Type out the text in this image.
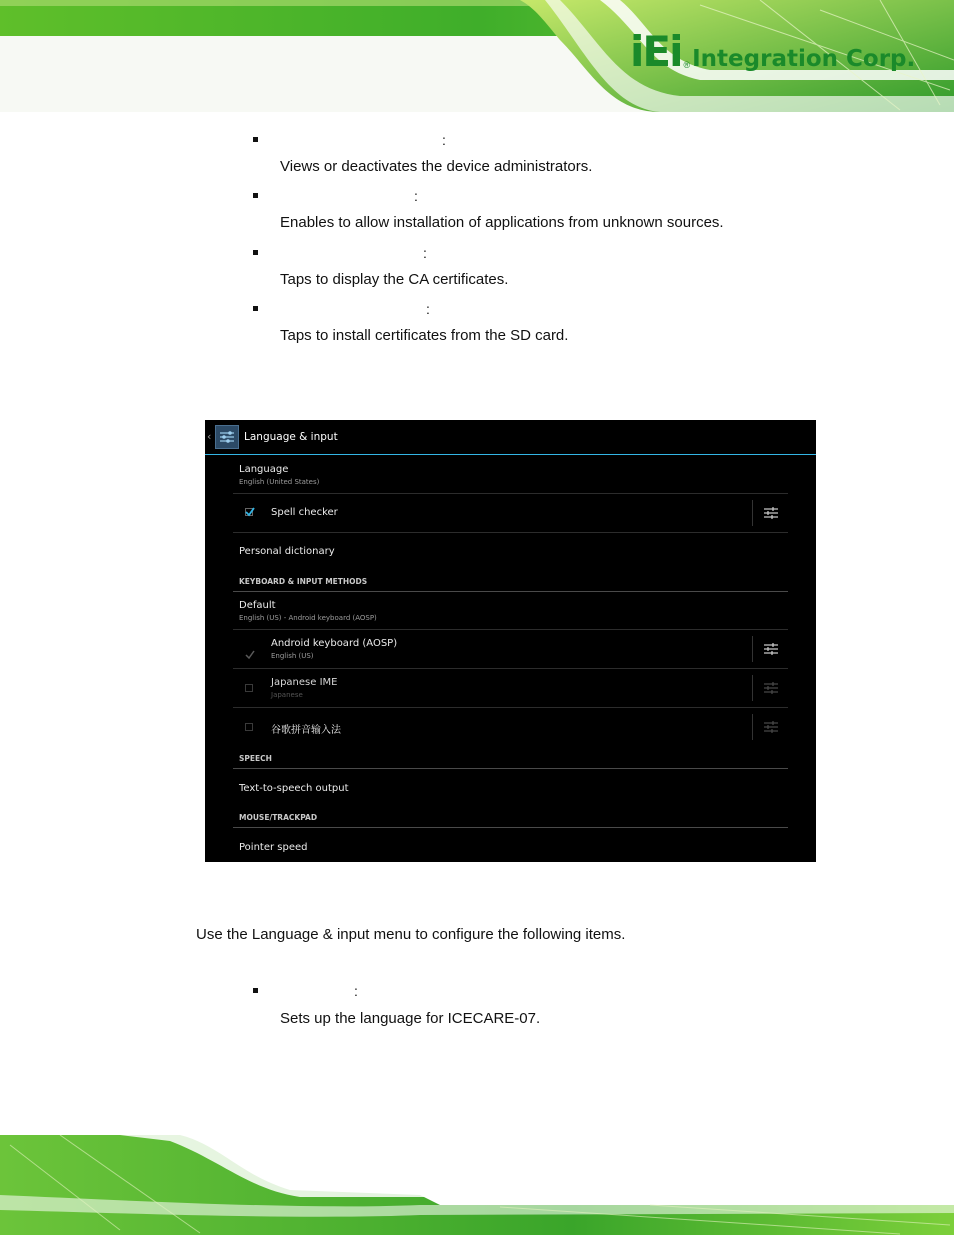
iEi ® Integration Corp.
:
Views or deactivates the device administrators.
:
Enables to allow installation of applications from unknown sources.
:
Taps to display the CA certificates.
:
Taps to install certificates from the SD card.
‹	Language & input
Language
English (United States)
Spell checker
Personal dictionary
KEYBOARD & INPUT METHODS
Default
English (US) - Android keyboard (AOSP)
Android keyboard (AOSP)
English (US)
Japanese IME
Japanese
谷歌拼音输入法
SPEECH
Text-to-speech output
MOUSE/TRACKPAD
Pointer speed
Use the Language & input menu to configure the following items.
:
Sets up the language for ICECARE-07.
